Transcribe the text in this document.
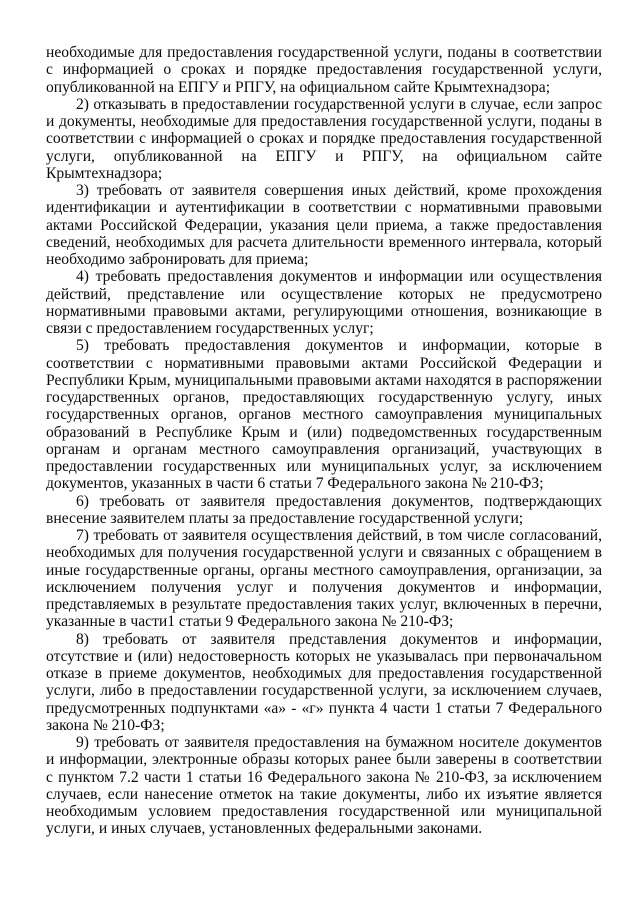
необходимые для предоставления государственной услуги, поданы в соответствии с информацией о сроках и порядке предоставления государственной услуги, опубликованной на ЕПГУ и РПГУ, на официальном сайте Крымтехнадзора;

2) отказывать в предоставлении государственной услуги в случае, если запрос и документы, необходимые для предоставления государственной услуги, поданы в соответствии с информацией о сроках и порядке предоставления государственной услуги, опубликованной на ЕПГУ и РПГУ, на официальном сайте Крымтехнадзора;

3) требовать от заявителя совершения иных действий, кроме прохождения идентификации и аутентификации в соответствии с нормативными правовыми актами Российской Федерации, указания цели приема, а также предоставления сведений, необходимых для расчета длительности временного интервала, который необходимо забронировать для приема;

4) требовать предоставления документов и информации или осуществления действий, представление или осуществление которых не предусмотрено нормативными правовыми актами, регулирующими отношения, возникающие в связи с предоставлением государственных услуг;

5) требовать предоставления документов и информации, которые в соответствии с нормативными правовыми актами Российской Федерации и Республики Крым, муниципальными правовыми актами находятся в распоряжении государственных органов, предоставляющих государственную услугу, иных государственных органов, органов местного самоуправления муниципальных образований в Республике Крым и (или) подведомственных государственным органам и органам местного самоуправления организаций, участвующих в предоставлении государственных или муниципальных услуг, за исключением документов, указанных в части 6 статьи 7 Федерального закона № 210-ФЗ;

6) требовать от заявителя предоставления документов, подтверждающих внесение заявителем платы за предоставление государственной услуги;

7) требовать от заявителя осуществления действий, в том числе согласований, необходимых для получения государственной услуги и связанных с обращением в иные государственные органы, органы местного самоуправления, организации, за исключением получения услуг и получения документов и информации, представляемых в результате предоставления таких услуг, включенных в перечни, указанные в части1 статьи 9 Федерального закона № 210-ФЗ;

8) требовать от заявителя представления документов и информации, отсутствие и (или) недостоверность которых не указывалась при первоначальном отказе в приеме документов, необходимых для предоставления государственной услуги, либо в предоставлении государственной услуги, за исключением случаев, предусмотренных подпунктами «а» - «г» пункта 4 части 1 статьи 7 Федерального закона № 210-ФЗ;

9) требовать от заявителя предоставления на бумажном носителе документов и информации, электронные образы которых ранее были заверены в соответствии с пунктом 7.2 части 1 статьи 16 Федерального закона № 210-ФЗ, за исключением случаев, если нанесение отметок на такие документы, либо их изъятие является необходимым условием предоставления государственной или муниципальной услуги, и иных случаев, установленных федеральными законами.
